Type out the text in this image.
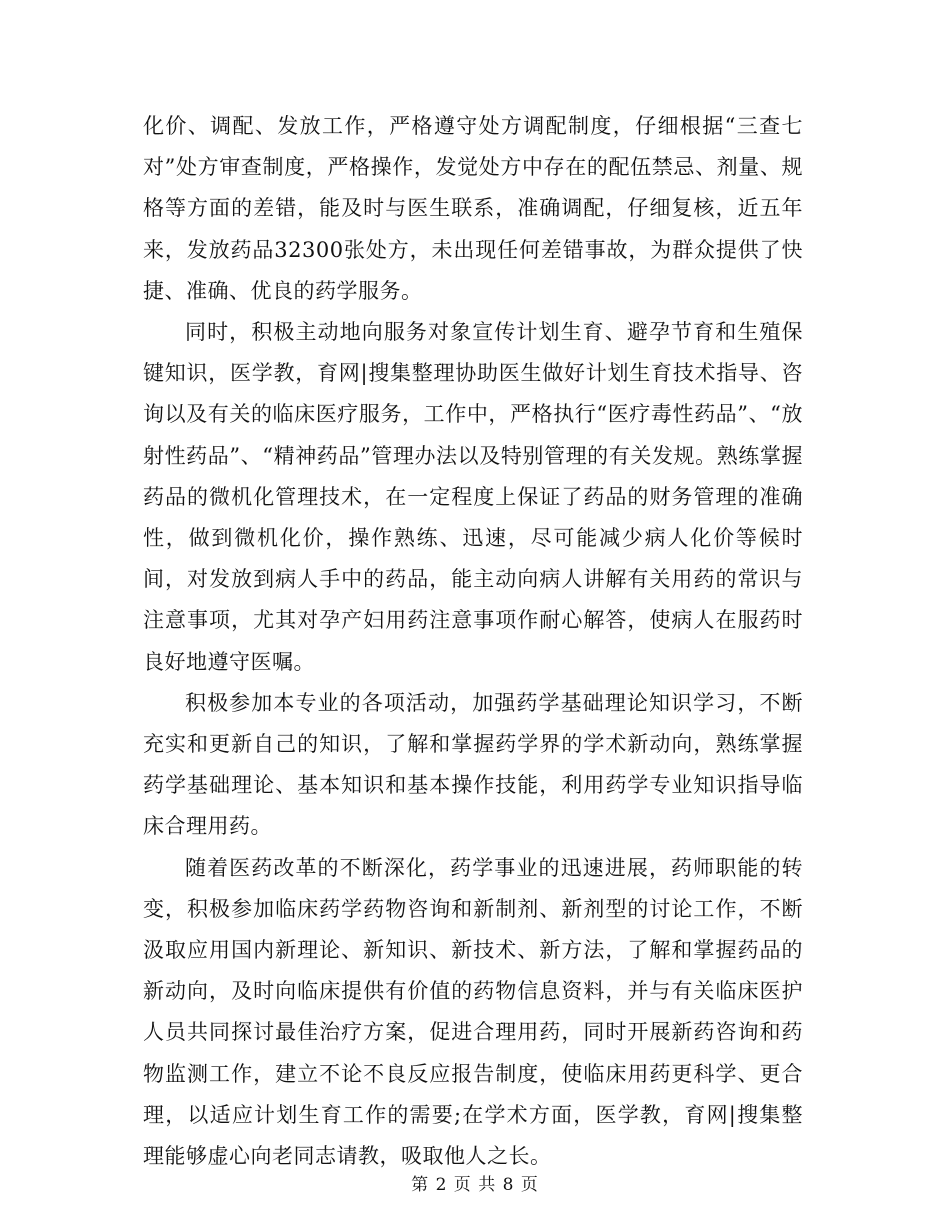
化价、调配、发放工作，严格遵守处方调配制度，仔细根据“三查七对”处方审查制度，严格操作，发觉处方中存在的配伍禁忌、剂量、规格等方面的差错，能及时与医生联系，准确调配，仔细复核，近五年来，发放药品32300张处方，未出现任何差错事故，为群众提供了快捷、准确、优良的药学服务。

同时，积极主动地向服务对象宣传计划生育、避孕节育和生殖保键知识，医学教，育网|搜集整理协助医生做好计划生育技术指导、咨询以及有关的临床医疗服务，工作中，严格执行“医疗毒性药品”、“放射性药品”、“精神药品”管理办法以及特别管理的有关发规。熟练掌握药品的微机化管理技术，在一定程度上保证了药品的财务管理的准确性，做到微机化价，操作熟练、迅速，尽可能减少病人化价等候时间，对发放到病人手中的药品，能主动向病人讲解有关用药的常识与注意事项，尤其对孕产妇用药注意事项作耐心解答，使病人在服药时良好地遵守医嘱。

积极参加本专业的各项活动，加强药学基础理论知识学习，不断充实和更新自己的知识，了解和掌握药学界的学术新动向，熟练掌握药学基础理论、基本知识和基本操作技能，利用药学专业知识指导临床合理用药。

随着医药改革的不断深化，药学事业的迅速进展，药师职能的转变，积极参加临床药学药物咨询和新制剂、新剂型的讨论工作，不断汲取应用国内新理论、新知识、新技术、新方法，了解和掌握药品的新动向，及时向临床提供有价值的药物信息资料，并与有关临床医护人员共同探讨最佳治疗方案，促进合理用药，同时开展新药咨询和药物监测工作，建立不论不良反应报告制度，使临床用药更科学、更合理，以适应计划生育工作的需要;在学术方面，医学教，育网|搜集整理能够虚心向老同志请教，吸取他人之长。

第 2 页 共 8 页
